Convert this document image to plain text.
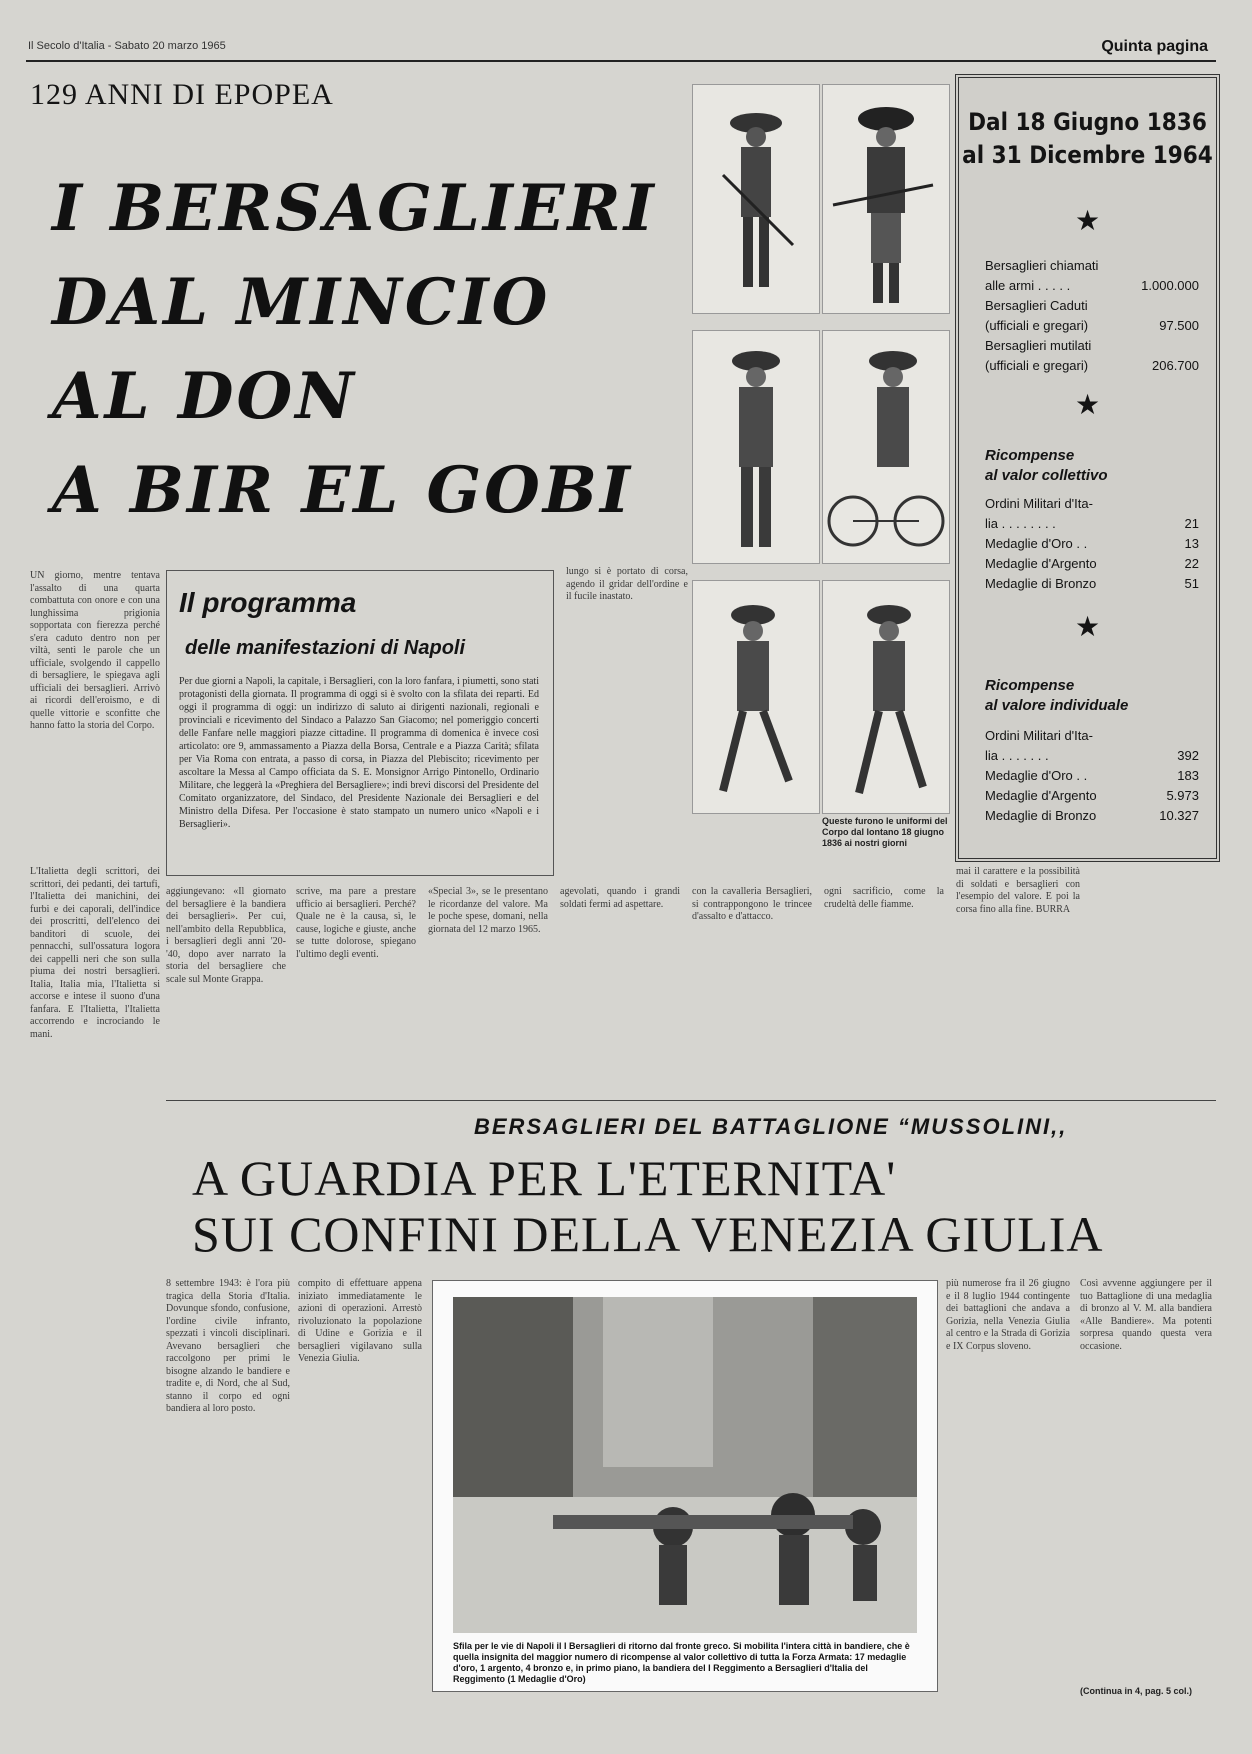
Il Secolo d'Italia - Sabato 20 marzo 1965	Quinta pagina
129 ANNI DI EPOPEA
I BERSAGLIERI
DAL MINCIO
AL DON
A BIR EL GOBI
Queste furono le uniformi del Corpo dal lontano 18 giugno 1836 ai nostri giorni
Dal 18 Giugno 1836
al 31 Dicembre 1964
★
Bersaglieri chiamati
alle armi . . . . .	1.000.000
Bersaglieri Caduti
(ufficiali e gregari)	97.500
Bersaglieri mutilati
(ufficiali e gregari)	206.700
★
Ricompense
al valor collettivo
Ordini Militari d'Ita-
lia . . . . . . . .	21
Medaglie d'Oro . .	13
Medaglie d'Argento	22
Medaglie di Bronzo	51
★
Ricompense
al valore individuale
Ordini Militari d'Ita-
lia . . . . . . .	392
Medaglie d'Oro . .	183
Medaglie d'Argento	5.973
Medaglie di Bronzo	10.327
UN giorno, mentre tentava l'assalto di una quarta combattuta con onore e con una lunghissima prigionia sopportata con fierezza perché s'era caduto dentro non per viltà, sentì le parole che un ufficiale, svolgendo il cappello di bersagliere, le spiegava agli ufficiali dei bersaglieri. Arrivò ai ricordi dell'eroismo, e di quelle vittorie e sconfitte che hanno fatto la storia del Corpo.
L'Italietta degli scrittori, dei scrittori, dei pedanti, dei tartufi, l'Italietta dei manichini, dei furbi e dei caporali, dell'indice dei proscritti, dell'elenco dei banditori di scuole, dei pennacchi, sull'ossatura logora dei cappelli neri che son sulla piuma dei nostri bersaglieri. Italia, Italia mia, l'Italietta si accorse e intese il suono d'una fanfara. E l'Italietta, l'Italietta accorrendo e incrociando le mani.
Il programma
delle manifestazioni di Napoli
Per due giorni a Napoli, la capitale, i Bersaglieri, con la loro fanfara, i piumetti, sono stati protagonisti della giornata. Il programma di oggi si è svolto con la sfilata dei reparti. Ed oggi il programma di oggi: un indirizzo di saluto ai dirigenti nazionali, regionali e provinciali e ricevimento del Sindaco a Palazzo San Giacomo; nel pomeriggio concerti delle Fanfare nelle maggiori piazze cittadine. Il programma di domenica è invece così articolato: ore 9, ammassamento a Piazza della Borsa, Centrale e a Piazza Carità; sfilata per Via Roma con entrata, a passo di corsa, in Piazza del Plebiscito; ricevimento per ascoltare la Messa al Campo officiata da S. E. Monsignor Arrigo Pintonello, Ordinario Militare, che leggerà la «Preghiera del Bersagliere»; indi brevi discorsi del Presidente del Comitato organizzatore, del Sindaco, del Presidente Nazionale dei Bersaglieri e del Ministro della Difesa. Per l'occasione è stato stampato un numero unico «Napoli e i Bersaglieri».
lungo si è portato di corsa, agendo il gridar dell'ordine e il fucile inastato.
aggiungevano: «Il giornato del bersagliere è la bandiera dei bersaglieri». Per cui, nell'ambito della Repubblica, i bersaglieri degli anni '20-'40, dopo aver narrato la storia del bersagliere che scale sul Monte Grappa.
scrive, ma pare a prestare ufficio ai bersaglieri. Perché? Quale ne è la causa, sì, le cause, logiche e giuste, anche se tutte dolorose, spiegano l'ultimo degli eventi.
«Special 3», se le presentano le ricordanze del valore. Ma le poche spese, domani, nella giornata del 12 marzo 1965.
agevolati, quando i grandi soldati fermi ad aspettare.
con la cavalleria Bersaglieri, si contrappongono le trincee d'assalto e d'attacco.
ogni sacrificio, come la crudeltà delle fiamme.
mai il carattere e la possibilità di soldati e bersaglieri con l'esempio del valore. E poi la corsa fino alla fine. BURRA
BERSAGLIERI DEL BATTAGLIONE “MUSSOLINI,,
A GUARDIA PER L'ETERNITA'
SUI CONFINI DELLA VENEZIA GIULIA
8 settembre 1943: è l'ora più tragica della Storia d'Italia. Dovunque sfondo, confusione, l'ordine civile infranto, spezzati i vincoli disciplinari. Avevano bersaglieri che raccolgono per primi le bisogne alzando le bandiere e tradite e, di Nord, che al Sud, stanno il corpo ed ogni bandiera al loro posto.
compito di effettuare appena iniziato immediatamente le azioni di operazioni. Arrestò rivoluzionato la popolazione di Udine e Gorizia e il bersaglieri vigilavano sulla Venezia Giulia.
Sfila per le vie di Napoli il I Bersaglieri di ritorno dal fronte greco. Si mobilita l'intera città in bandiere, che è quella insignita del maggior numero di ricompense al valor collettivo di tutta la Forza Armata: 17 medaglie d'oro, 1 argento, 4 bronzo e, in primo piano, la bandiera del I Reggimento a Bersaglieri d'Italia del Reggimento (1 Medaglie d'Oro)
più numerose fra il 26 giugno e il 8 luglio 1944 contingente dei battaglioni che andava a Gorizia, nella Venezia Giulia al centro e la Strada di Gorizia e IX Corpus sloveno.
Così avvenne aggiungere per il tuo Battaglione di una medaglia di bronzo al V. M. alla bandiera «Alle Bandiere». Ma potenti sorpresa quando questa vera occasione.
(Continua in 4, pag. 5 col.)
